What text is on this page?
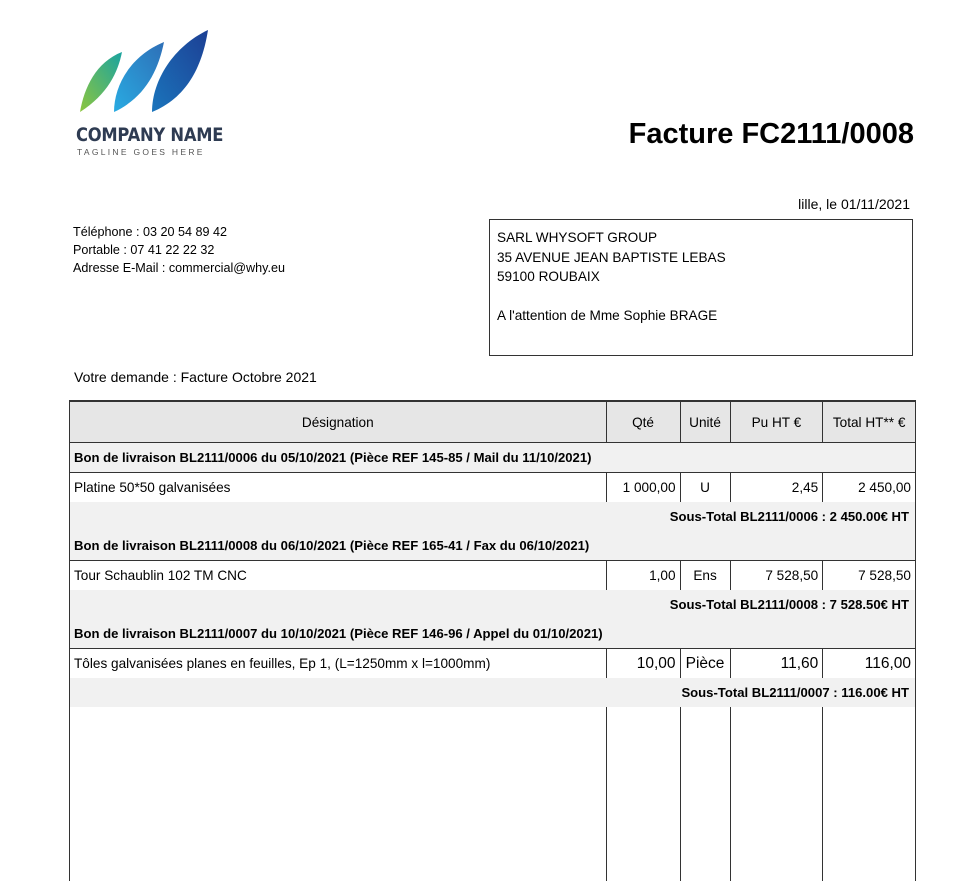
COMPANY NAME
TAGLINE GOES HERE
Facture FC2111/0008
lille, le 01/11/2021
Téléphone : 03 20 54 89 42
Portable : 07 41 22 22 32
Adresse E-Mail : commercial@why.eu
SARL WHYSOFT GROUP
35 AVENUE JEAN BAPTISTE LEBAS
59100 ROUBAIX
A l'attention de Mme Sophie BRAGE
Votre demande : Facture Octobre 2021
Désignation	Qté	Unité	Pu HT €	Total HT** €
Bon de livraison BL2111/0006 du 05/10/2021 (Pièce REF 145-85 / Mail du 11/10/2021)				
Platine 50*50 galvanisées	1 000,00	U	2,45	2 450,00
Sous-Total BL2111/0006 : 2 450.00€ HT				
Bon de livraison BL2111/0008 du 06/10/2021 (Pièce REF 165-41 / Fax du 06/10/2021)				
Tour Schaublin 102 TM CNC	1,00	Ens	7 528,50	7 528,50
Sous-Total BL2111/0008 : 7 528.50€ HT				
Bon de livraison BL2111/0007 du 10/10/2021 (Pièce REF 146-96 / Appel du 01/10/2021)				
Tôles galvanisées planes en feuilles, Ep 1, (L=1250mm x l=1000mm)	10,00	Pièce	11,60	116,00
Sous-Total BL2111/0007 : 116.00€ HT				
